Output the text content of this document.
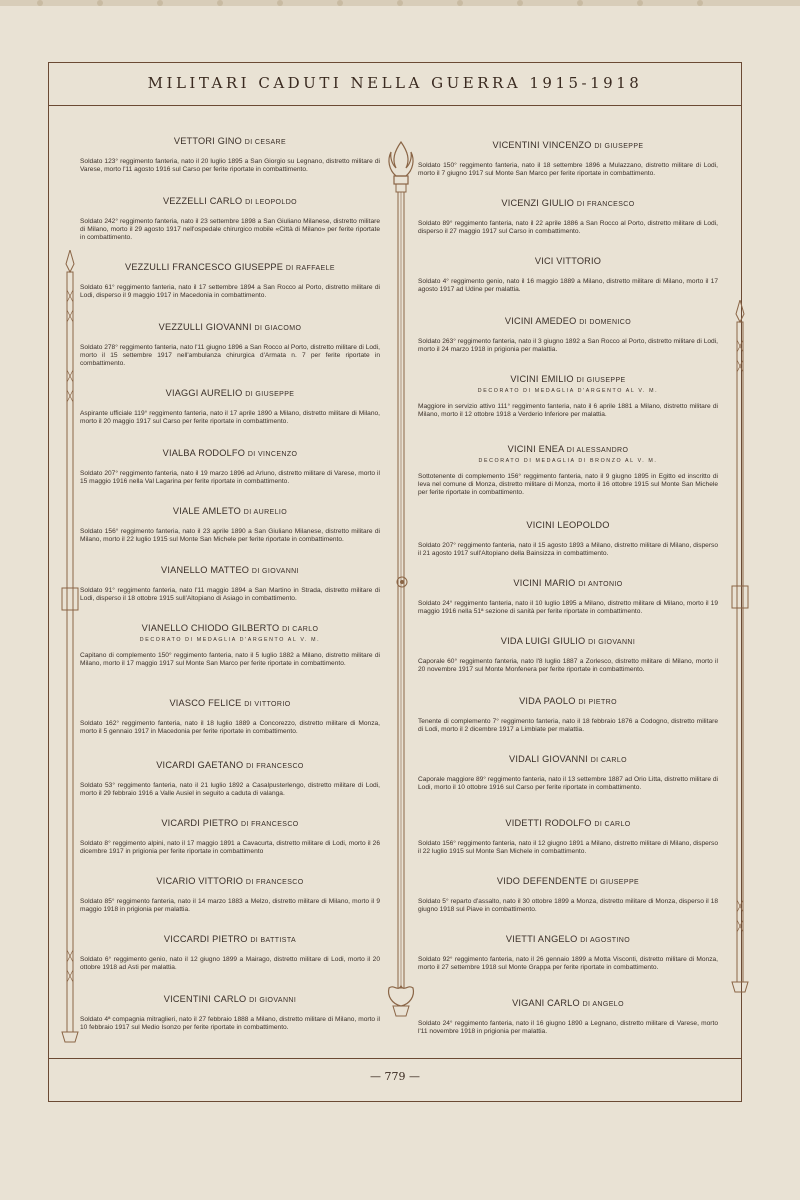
MILITARI CADUTI NELLA GUERRA 1915-1918
VETTORI GINO DI CESARE
Soldato 123° reggimento fanteria, nato il 20 luglio 1895 a San Giorgio su Legnano, distretto militare di Varese, morto l'11 agosto 1916 sul Carso per ferite riportate in combattimento.
VEZZELLI CARLO DI LEOPOLDO
Soldato 242° reggimento fanteria, nato il 23 settembre 1898 a San Giuliano Milanese, distretto militare di Milano, morto il 29 agosto 1917 nell'ospedale chirurgico mobile «Città di Milano» per ferite riportate in combattimento.
VEZZULLI FRANCESCO GIUSEPPE DI RAFFAELE
Soldato 61° reggimento fanteria, nato il 17 settembre 1894 a San Rocco al Porto, distretto militare di Lodi, disperso il 9 maggio 1917 in Macedonia in combattimento.
VEZZULLI GIOVANNI DI GIACOMO
Soldato 278° reggimento fanteria, nato l'11 giugno 1896 a San Rocco al Porto, distretto militare di Lodi, morto il 15 settembre 1917 nell'ambulanza chirurgica d'Armata n. 7 per ferite riportate in combattimento.
VIAGGI AURELIO DI GIUSEPPE
Aspirante ufficiale 119° reggimento fanteria, nato il 17 aprile 1890 a Milano, distretto militare di Milano, morto il 20 maggio 1917 sul Carso per ferite riportate in combattimento.
VIALBA RODOLFO DI VINCENZO
Soldato 207° reggimento fanteria, nato il 19 marzo 1896 ad Arluno, distretto militare di Varese, morto il 15 maggio 1916 nella Val Lagarina per ferite riportate in combattimento.
VIALE AMLETO DI AURELIO
Soldato 156° reggimento fanteria, nato il 23 aprile 1890 a San Giuliano Milanese, distretto militare di Milano, morto il 22 luglio 1915 sul Monte San Michele per ferite riportate in combattimento.
VIANELLO MATTEO DI GIOVANNI
Soldato 91° reggimento fanteria, nato l'11 maggio 1894 a San Martino in Strada, distretto militare di Lodi, disperso il 18 ottobre 1915 sull'Altopiano di Asiago in combattimento.
VIANELLO CHIODO GILBERTO DI CARLO
DECORATO DI MEDAGLIA D'ARGENTO AL V. M.
Capitano di complemento 150° reggimento fanteria, nato il 5 luglio 1882 a Milano, distretto militare di Milano, morto il 17 maggio 1917 sul Monte San Marco per ferite riportate in combattimento.
VIASCO FELICE DI VITTORIO
Soldato 162° reggimento fanteria, nato il 18 luglio 1889 a Concorezzo, distretto militare di Monza, morto il 5 gennaio 1917 in Macedonia per ferite riportate in combattimento.
VICARDI GAETANO DI FRANCESCO
Soldato 53° reggimento fanteria, nato il 21 luglio 1892 a Casalpusterlengo, distretto militare di Lodi, morto il 29 febbraio 1916 a Valle Ausiel in seguito a caduta di valanga.
VICARDI PIETRO DI FRANCESCO
Soldato 8° reggimento alpini, nato il 17 maggio 1891 a Cavacurta, distretto militare di Lodi, morto il 26 dicembre 1917 in prigionia per ferite riportate in combattimento
VICARIO VITTORIO DI FRANCESCO
Soldato 85° reggimento fanteria, nato il 14 marzo 1883 a Melzo, distretto militare di Milano, morto il 9 maggio 1918 in prigionia per malattia.
VICCARDI PIETRO DI BATTISTA
Soldato 6° reggimento genio, nato il 12 giugno 1899 a Mairago, distretto militare di Lodi, morto il 20 ottobre 1918 ad Asti per malattia.
VICENTINI CARLO DI GIOVANNI
Soldato 4ª compagnia mitraglieri, nato il 27 febbraio 1888 a Milano, distretto militare di Milano, morto il 10 febbraio 1917 sul Medio Isonzo per ferite riportate in combattimento.
VICENTINI VINCENZO DI GIUSEPPE
Soldato 150° reggimento fanteria, nato il 18 settembre 1896 a Mulazzano, distretto militare di Lodi, morto il 7 giugno 1917 sul Monte San Marco per ferite riportate in combattimento.
VICENZI GIULIO DI FRANCESCO
Soldato 89° reggimento fanteria, nato il 22 aprile 1886 a San Rocco al Porto, distretto militare di Lodi, disperso il 27 maggio 1917 sul Carso in combattimento.
VICI VITTORIO
Soldato 4° reggimento genio, nato il 16 maggio 1889 a Milano, distretto militare di Milano, morto il 17 agosto 1917 ad Udine per malattia.
VICINI AMEDEO DI DOMENICO
Soldato 263° reggimento fanteria, nato il 3 giugno 1892 a San Rocco al Porto, distretto militare di Lodi, morto il 24 marzo 1918 in prigionia per malattia.
VICINI EMILIO DI GIUSEPPE
DECORATO DI MEDAGLIA D'ARGENTO AL V. M.
Maggiore in servizio attivo 111° reggimento fanteria, nato il 6 aprile 1881 a Milano, distretto militare di Milano, morto il 12 ottobre 1918 a Verderio Inferiore per malattia.
VICINI ENEA DI ALESSANDRO
DECORATO DI MEDAGLIA DI BRONZO AL V. M.
Sottotenente di complemento 156° reggimento fanteria, nato il 9 giugno 1895 in Egitto ed inscritto di leva nel comune di Monza, distretto militare di Monza, morto il 16 ottobre 1915 sul Monte San Michele per ferite riportate in combattimento.
VICINI LEOPOLDO
Soldato 207° reggimento fanteria, nato il 15 agosto 1893 a Milano, distretto militare di Milano, disperso il 21 agosto 1917 sull'Altopiano della Bainsizza in combattimento.
VICINI MARIO DI ANTONIO
Soldato 24° reggimento fanteria, nato il 10 luglio 1895 a Milano, distretto militare di Milano, morto il 19 maggio 1916 nella 51ª sezione di sanità per ferite riportate in combattimento.
VIDA LUIGI GIULIO DI GIOVANNI
Caporale 60° reggimento fanteria, nato l'8 luglio 1887 a Zorlesco, distretto militare di Milano, morto il 20 novembre 1917 sul Monte Monfenera per ferite riportate in combattimento.
VIDA PAOLO DI PIETRO
Tenente di complemento 7° reggimento fanteria, nato il 18 febbraio 1876 a Codogno, distretto militare di Lodi, morto il 2 dicembre 1917 a Limbiate per malattia.
VIDALI GIOVANNI DI CARLO
Caporale maggiore 89° reggimento fanteria, nato il 13 settembre 1887 ad Orio Litta, distretto militare di Lodi, morto il 10 ottobre 1916 sul Carso per ferite riportate in combattimento.
VIDETTI RODOLFO DI CARLO
Soldato 156° reggimento fanteria, nato il 12 giugno 1891 a Milano, distretto militare di Milano, disperso il 22 luglio 1915 sul Monte San Michele in combattimento.
VIDO DEFENDENTE DI GIUSEPPE
Soldato 5° reparto d'assalto, nato il 30 ottobre 1899 a Monza, distretto militare di Monza, disperso il 18 giugno 1918 sul Piave in combattimento.
VIETTI ANGELO DI AGOSTINO
Soldato 92° reggimento fanteria, nato il 26 gennaio 1899 a Motta Visconti, distretto militare di Monza, morto il 27 settembre 1918 sul Monte Grappa per ferite riportate in combattimento.
VIGANI CARLO DI ANGELO
Soldato 24° reggimento fanteria, nato il 16 giugno 1890 a Legnano, distretto militare di Varese, morto l'11 novembre 1918 in prigionia per malattia.
— 779 —
